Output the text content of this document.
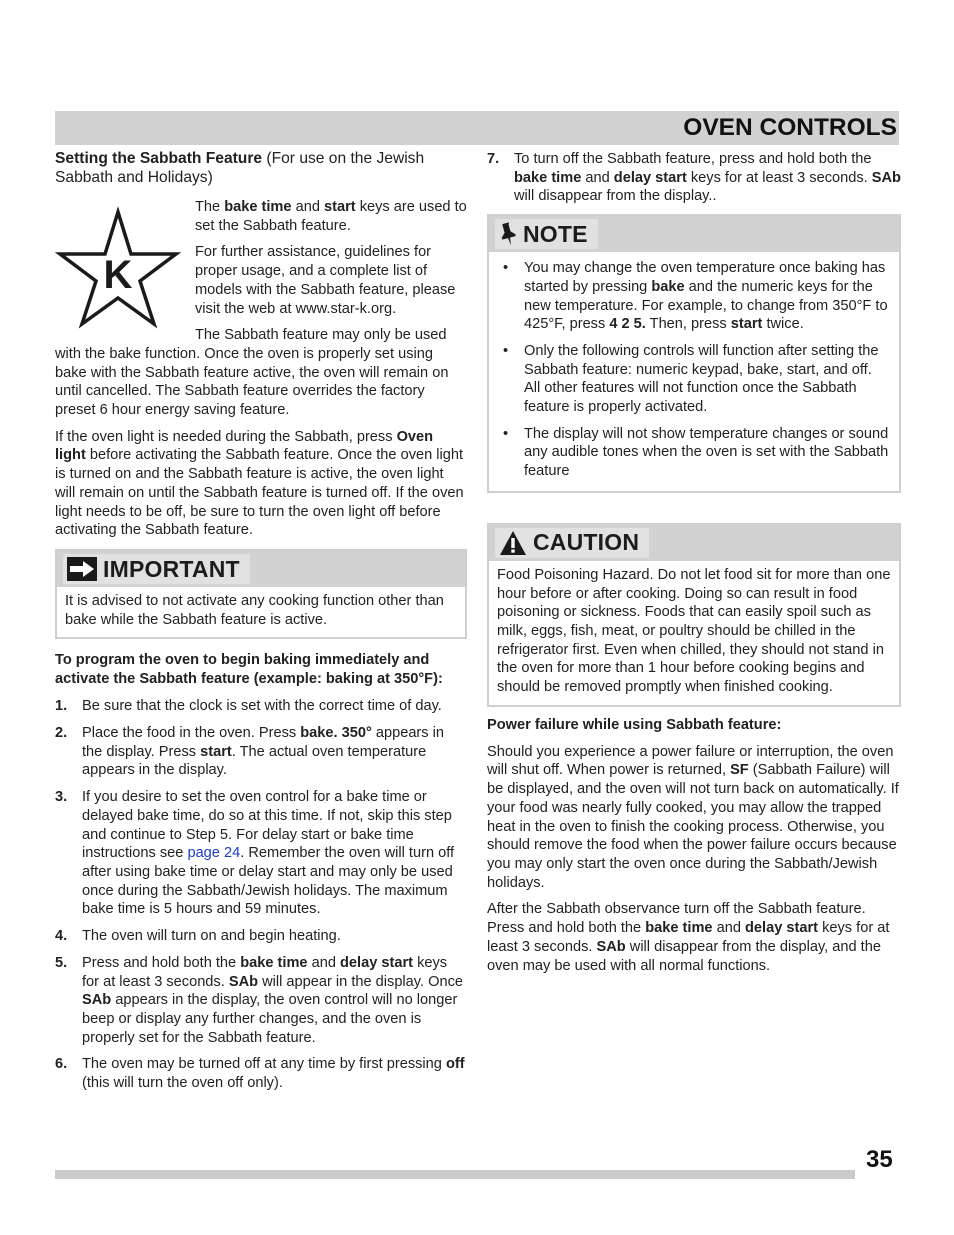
OVEN CONTROLS

Setting the Sabbath Feature (For use on the Jewish Sabbath and Holidays)

K

The bake time and start keys are used to set the Sabbath feature.

For further assistance, guidelines for proper usage, and a complete list of models with the Sabbath feature, please visit the web at www.star-k.org.

The Sabbath feature may only be used with the bake function. Once the oven is properly set using bake with the Sabbath feature active, the oven will remain on until cancelled. The Sabbath feature overrides the factory preset 6 hour energy saving feature.

If the oven light is needed during the Sabbath, press Oven light before activating the Sabbath feature. Once the oven light is turned on and the Sabbath feature is active, the oven light will remain on until the Sabbath feature is turned off. If the oven light needs to be off, be sure to turn the oven light off before activating the Sabbath feature.

IMPORTANT
It is advised to not activate any cooking function other than bake while the Sabbath feature is active.

To program the oven to begin baking immediately and activate the Sabbath feature (example: baking at 350°F):

1. Be sure that the clock is set with the correct time of day.
2. Place the food in the oven. Press bake. 350° appears in the display. Press start. The actual oven temperature appears in the display.
3. If you desire to set the oven control for a bake time or delayed bake time, do so at this time. If not, skip this step and continue to Step 5. For delay start or bake time instructions see page 24. Remember the oven will turn off after using bake time or delay start and may only be used once during the Sabbath/Jewish holidays. The maximum bake time is 5 hours and 59 minutes.
4. The oven will turn on and begin heating.
5. Press and hold both the bake time and delay start keys for at least 3 seconds. SAb will appear in the display. Once SAb appears in the display, the oven control will no longer beep or display any further changes, and the oven is properly set for the Sabbath feature.
6. The oven may be turned off at any time by first pressing off (this will turn the oven off only).
7. To turn off the Sabbath feature, press and hold both the bake time and delay start keys for at least 3 seconds. SAb will disappear from the display..
NOTE
• You may change the oven temperature once baking has started by pressing bake and the numeric keys for the new temperature. For example, to change from 350°F to 425°F, press 4 2 5. Then, press start twice.
• Only the following controls will function after setting the Sabbath feature: numeric keypad, bake, start, and off. All other features will not function once the Sabbath feature is properly activated.
• The display will not show temperature changes or sound any audible tones when the oven is set with the Sabbath feature
CAUTION
Food Poisoning Hazard. Do not let food sit for more than one hour before or after cooking. Doing so can result in food poisoning or sickness. Foods that can easily spoil such as milk, eggs, fish, meat, or poultry should be chilled in the refrigerator first. Even when chilled, they should not stand in the oven for more than 1 hour before cooking begins and should be removed promptly when finished cooking.

Power failure while using Sabbath feature:

Should you experience a power failure or interruption, the oven will shut off. When power is returned, SF (Sabbath Failure) will be displayed, and the oven will not turn back on automatically. If your food was nearly fully cooked, you may allow the trapped heat in the oven to finish the cooking process. Otherwise, you should remove the food when the power failure occurs because you may only start the oven once during the Sabbath/Jewish holidays.

After the Sabbath observance turn off the Sabbath feature. Press and hold both the bake time and delay start keys for at least 3 seconds. SAb will disappear from the display, and the oven may be used with all normal functions.

35
